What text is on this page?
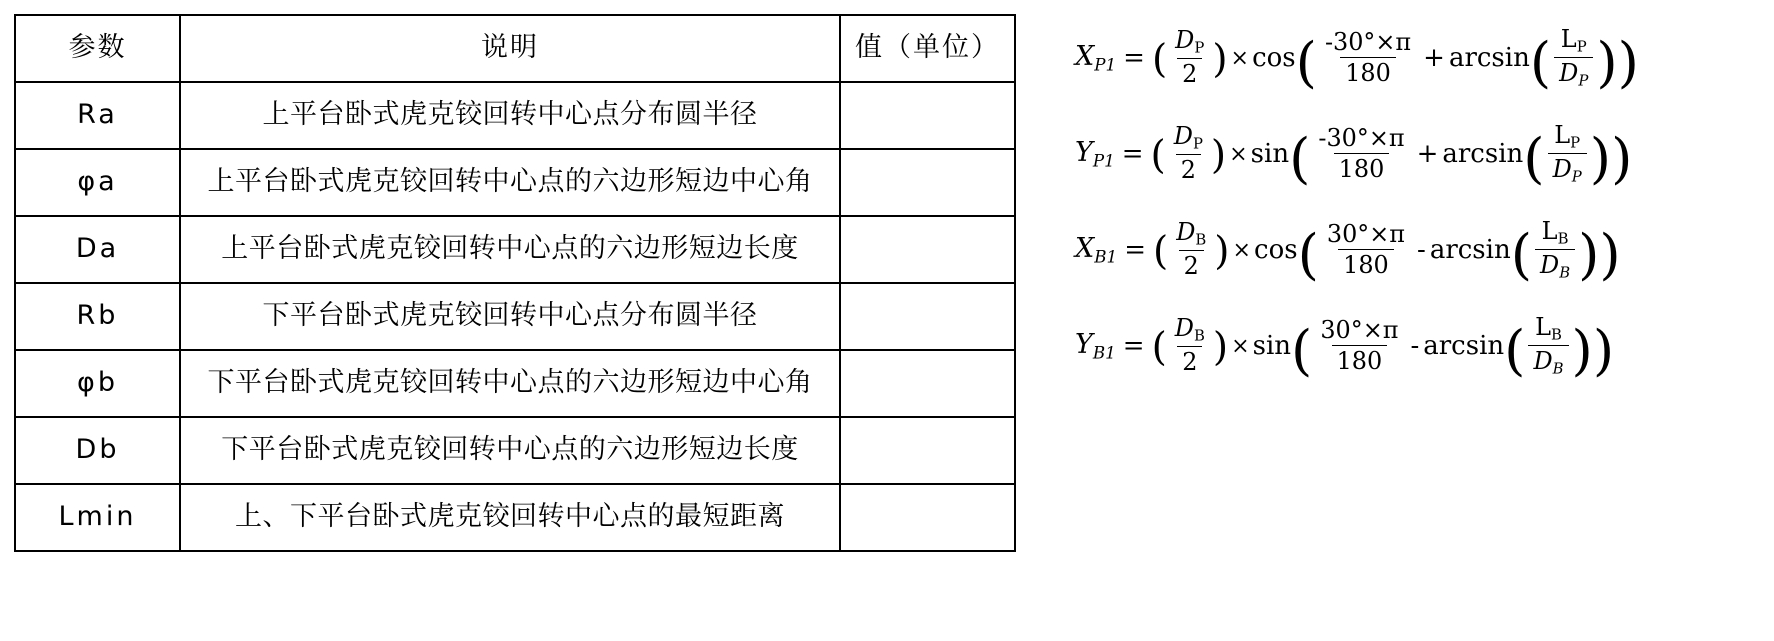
参数	说明	值（单位）
Ra	上平台卧式虎克铰回转中心点分布圆半径	
φa	上平台卧式虎克铰回转中心点的六边形短边中心角	
Da	上平台卧式虎克铰回转中心点的六边形短边长度	
Rb	下平台卧式虎克铰回转中心点分布圆半径	
φb	下平台卧式虎克铰回转中心点的六边形短边中心角	
Db	下平台卧式虎克铰回转中心点的六边形短边长度	
Lmin	上、下平台卧式虎克铰回转中心点的最短距离	
$X_{P1}$ = ( $\frac{DP}{2}$ ) × cos ( $\frac{-30^\circ\times\pi}{180} + \arcsin$ ( $\frac{LP}{D_P}$ ) )
$Y_{P1}$ = ( $\frac{DP}{2}$ ) × sin ( $\frac{-30^\circ\times\pi}{180} + \arcsin$ ( $\frac{LP}{D_P}$ ) )
$X_{B1}$ = ( $\frac{DB}{2}$ ) × cos ( $\frac{30^\circ\times\pi}{180}$ - arcsin ( $\frac{LB}{D_B}$ ) )
$Y_{B1}$ = ( $\frac{DB}{2}$ ) × sin ( $\frac{30^\circ\times\pi}{180}$ - arcsin ( $\frac{LB}{D_B}$ ) )
